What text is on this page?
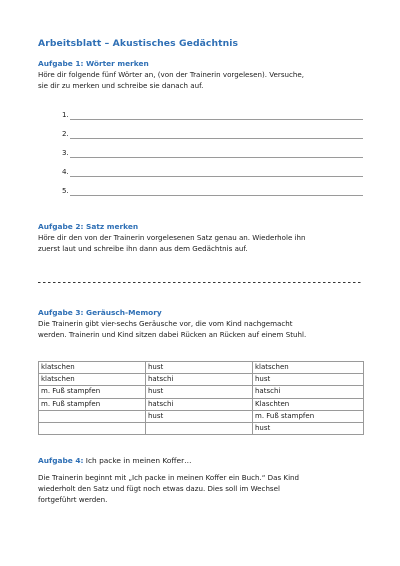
Arbeitsblatt – Akustisches Gedächtnis
Aufgabe 1: Wörter merken
Höre dir folgende fünf Wörter an, (von der Trainerin vorgelesen). Versuche,
sie dir zu merken und schreibe sie danach auf.
1.
2.
3.
4.
5.
Aufgabe 2: Satz merken
Höre dir den von der Trainerin vorgelesenen Satz genau an. Wiederhole ihn
zuerst laut und schreibe ihn dann aus dem Gedächtnis auf.
Aufgabe 3: Geräusch-Memory
Die Trainerin gibt vier-sechs Geräusche vor, die vom Kind nachgemacht
werden. Trainerin und Kind sitzen dabei Rücken an Rücken auf einem Stuhl.
klatschen	hust	klatschen
klatschen	hatschi	hust
m. Fuß stampfen	hust	hatschi
m. Fuß stampfen	hatschi	Klaschten
	hust	m. Fuß stampfen
		hust
Aufgabe 4: Ich packe in meinen Koffer…
Die Trainerin beginnt mit „Ich packe in meinen Koffer ein Buch.“ Das Kind
wiederholt den Satz und fügt noch etwas dazu. Dies soll im Wechsel
fortgeführt werden.
